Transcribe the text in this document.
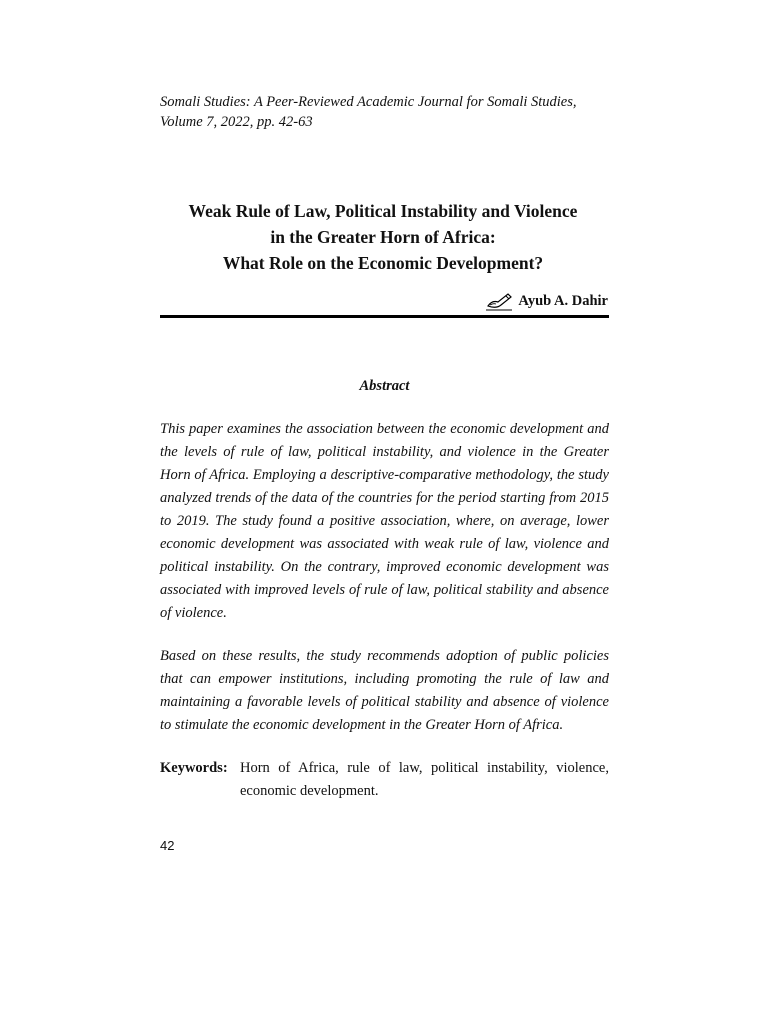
Somali Studies: A Peer-Reviewed Academic Journal for Somali Studies,
Volume 7, 2022, pp. 42-63
Weak Rule of Law, Political Instability and Violence
in the Greater Horn of Africa:
What Role on the Economic Development?
Ayub A. Dahir
Abstract
This paper examines the association between the economic development and the levels of rule of law, political instability, and violence in the Greater Horn of Africa. Employing a descriptive-comparative methodology, the study analyzed trends of the data of the countries for the period starting from 2015 to 2019. The study found a positive association, where, on average, lower economic development was associated with weak rule of law, violence and political instability. On the contrary, improved economic development was associated with improved levels of rule of law, political stability and absence of violence.
Based on these results, the study recommends adoption of public policies that can empower institutions, including promoting the rule of law and maintaining a favorable levels of political stability and absence of violence to stimulate the economic development in the Greater Horn of Africa.
Keywords: Horn of Africa, rule of law, political instability, violence, economic development.
42
